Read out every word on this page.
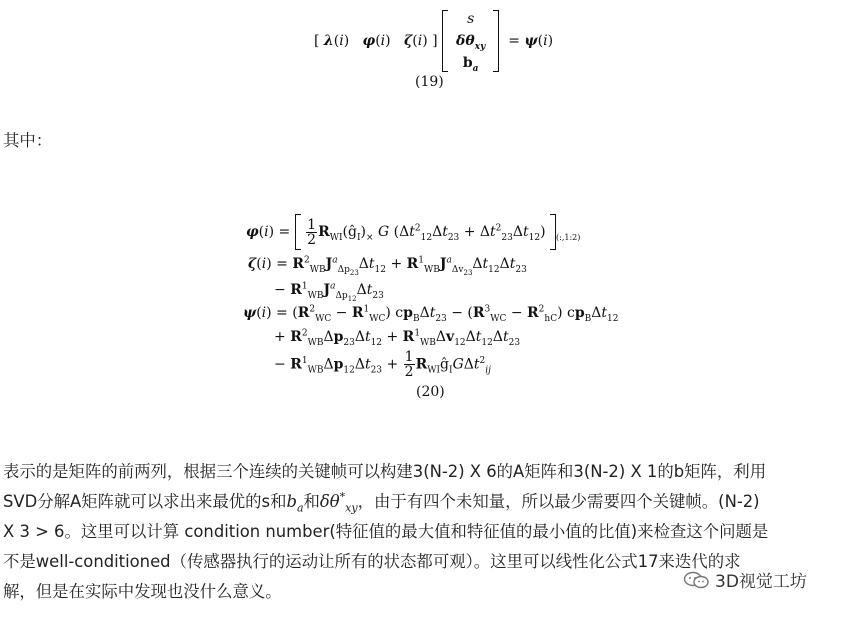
[ λ(i)   φ(i)   ζ(i) ]
s
$\delta\theta_{xy}$
$b_a$
= ψ(i)
(19)
其中：
$\varphi(i) = \frac{1}{2}$ $R_{WI}(ĝ_I)_\times$ G $(\Delta t^2_{12}\Delta t_{23} + \Delta t^2_{23}\Delta t_{12})$ $_{(:,1:2)}$
$\zeta(i) = R^2_{WB}J^a_{\Delta p_{23}}\Delta t_{12} + R^1_{WB}J^a_{\Delta v_{23}}\Delta t_{12}\Delta t_{23}$
− $R^1_{WB}J^a_{\Delta p_{12}}\Delta t_{23}$
$\psi(i) = (R^2_{WC} - R^1_{WC}) cp_B\Delta t_{23} - (R^3_{WC} - R^2_{hC})$ $cp_B\Delta t_{12}$
+ $R^2_{WB}\Delta p_{23}\Delta t_{12} + R^1_{WB}\Delta v_{12}\Delta t_{12}\Delta t_{23}$
− $R^1_{WB}\Delta p_{12}\Delta t_{23} + \frac{1}{2}$ $R_{WI}ĝ_IG\Delta t^2_{ij}$
(20)
表示的是矩阵的前两列，根据三个连续的关键帧可以构建3(N-2) X 6的A矩阵和3(N-2) X 1的b矩阵，利用
SVD分解A矩阵就可以求出来最优的s和$b_a$和$\delta\theta^*_{xy}$，由于有四个未知量，所以最少需要四个关键帧。(N-2)
X 3 > 6。这里可以计算 condition number(特征值的最大值和特征值的最小值的比值)来检查这个问题是
不是well-conditioned（传感器执行的运动让所有的状态都可观）。这里可以线性化公式17来迭代的求
解，但是在实际中发现也没什么意义。	3D视觉工坊
